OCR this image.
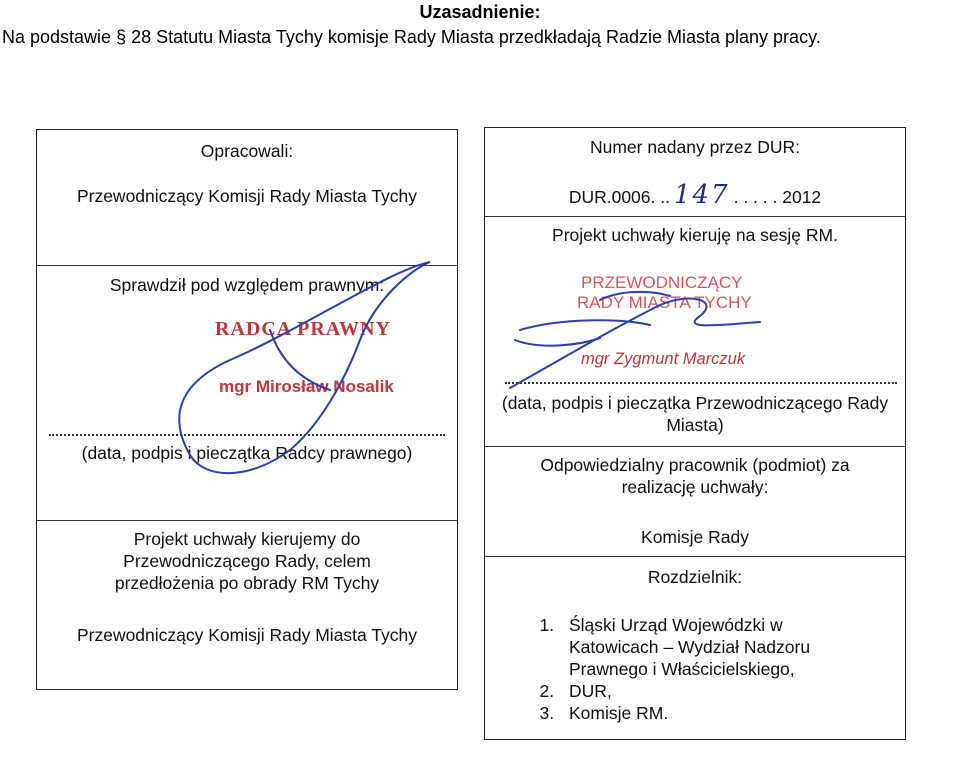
Uzasadnienie:
Na podstawie § 28 Statutu Miasta Tychy komisje Rady Miasta przedkładają Radzie Miasta plany pracy.
Opracowali:
Przewodniczący Komisji Rady Miasta Tychy
Sprawdził pod względem prawnym:
RADCA PRAWNY
mgr Mirosław Nosalik
(data, podpis i pieczątka Radcy prawnego)
Projekt uchwały kierujemy do Przewodniczącego Rady, celem przedłożenia po obrady RM Tychy
Przewodniczący Komisji Rady Miasta Tychy
Numer nadany przez DUR:
DUR.0006. .. 147 . . . . . 2012
Projekt uchwały kieruję na sesję RM.
PRZEWODNICZĄCY
RADY MIASTA TYCHY
mgr Zygmunt Marczuk
(data, podpis i pieczątka Przewodniczącego Rady Miasta)
Odpowiedzialny pracownik (podmiot) za realizację uchwały:
Komisje Rady
Rozdzielnik:
1. Śląski Urząd Wojewódzki w Katowicach – Wydział Nadzoru Prawnego i Właścicielskiego,
2. DUR,
3. Komisje RM.
